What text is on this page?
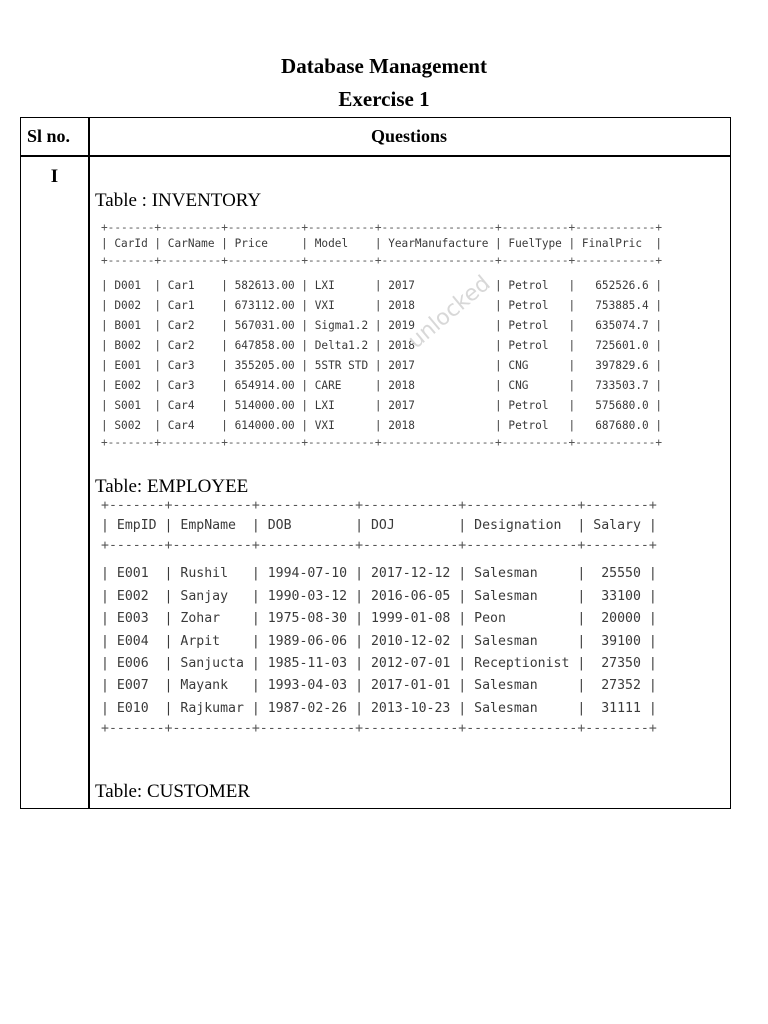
Database Management
Exercise 1
Sl no.	Questions
I
Table : INVENTORY
+-------+---------+-----------+----------+-----------------+----------+------------+
| CarId | CarName | Price     | Model    | YearManufacture | FuelType | FinalPric  |
+-------+---------+-----------+----------+-----------------+----------+------------+
| D001  | Car1    | 582613.00 | LXI      | 2017            | Petrol   |   652526.6 |
| D002  | Car1    | 673112.00 | VXI      | 2018            | Petrol   |   753885.4 |
| B001  | Car2    | 567031.00 | Sigma1.2 | 2019            | Petrol   |   635074.7 |
| B002  | Car2    | 647858.00 | Delta1.2 | 2018            | Petrol   |   725601.0 |
| E001  | Car3    | 355205.00 | 5STR STD | 2017            | CNG      |   397829.6 |
| E002  | Car3    | 654914.00 | CARE     | 2018            | CNG      |   733503.7 |
| S001  | Car4    | 514000.00 | LXI      | 2017            | Petrol   |   575680.0 |
| S002  | Car4    | 614000.00 | VXI      | 2018            | Petrol   |   687680.0 |
+-------+---------+-----------+----------+-----------------+----------+------------+
Table: EMPLOYEE
+-------+----------+------------+------------+--------------+--------+
| EmpID | EmpName  | DOB        | DOJ        | Designation  | Salary |
+-------+----------+------------+------------+--------------+--------+
| E001  | Rushil   | 1994-07-10 | 2017-12-12 | Salesman     |  25550 |
| E002  | Sanjay   | 1990-03-12 | 2016-06-05 | Salesman     |  33100 |
| E003  | Zohar    | 1975-08-30 | 1999-01-08 | Peon         |  20000 |
| E004  | Arpit    | 1989-06-06 | 2010-12-02 | Salesman     |  39100 |
| E006  | Sanjucta | 1985-11-03 | 2012-07-01 | Receptionist |  27350 |
| E007  | Mayank   | 1993-04-03 | 2017-01-01 | Salesman     |  27352 |
| E010  | Rajkumar | 1987-02-26 | 2013-10-23 | Salesman     |  31111 |
+-------+----------+------------+------------+--------------+--------+
Table: CUSTOMER
unlocked
